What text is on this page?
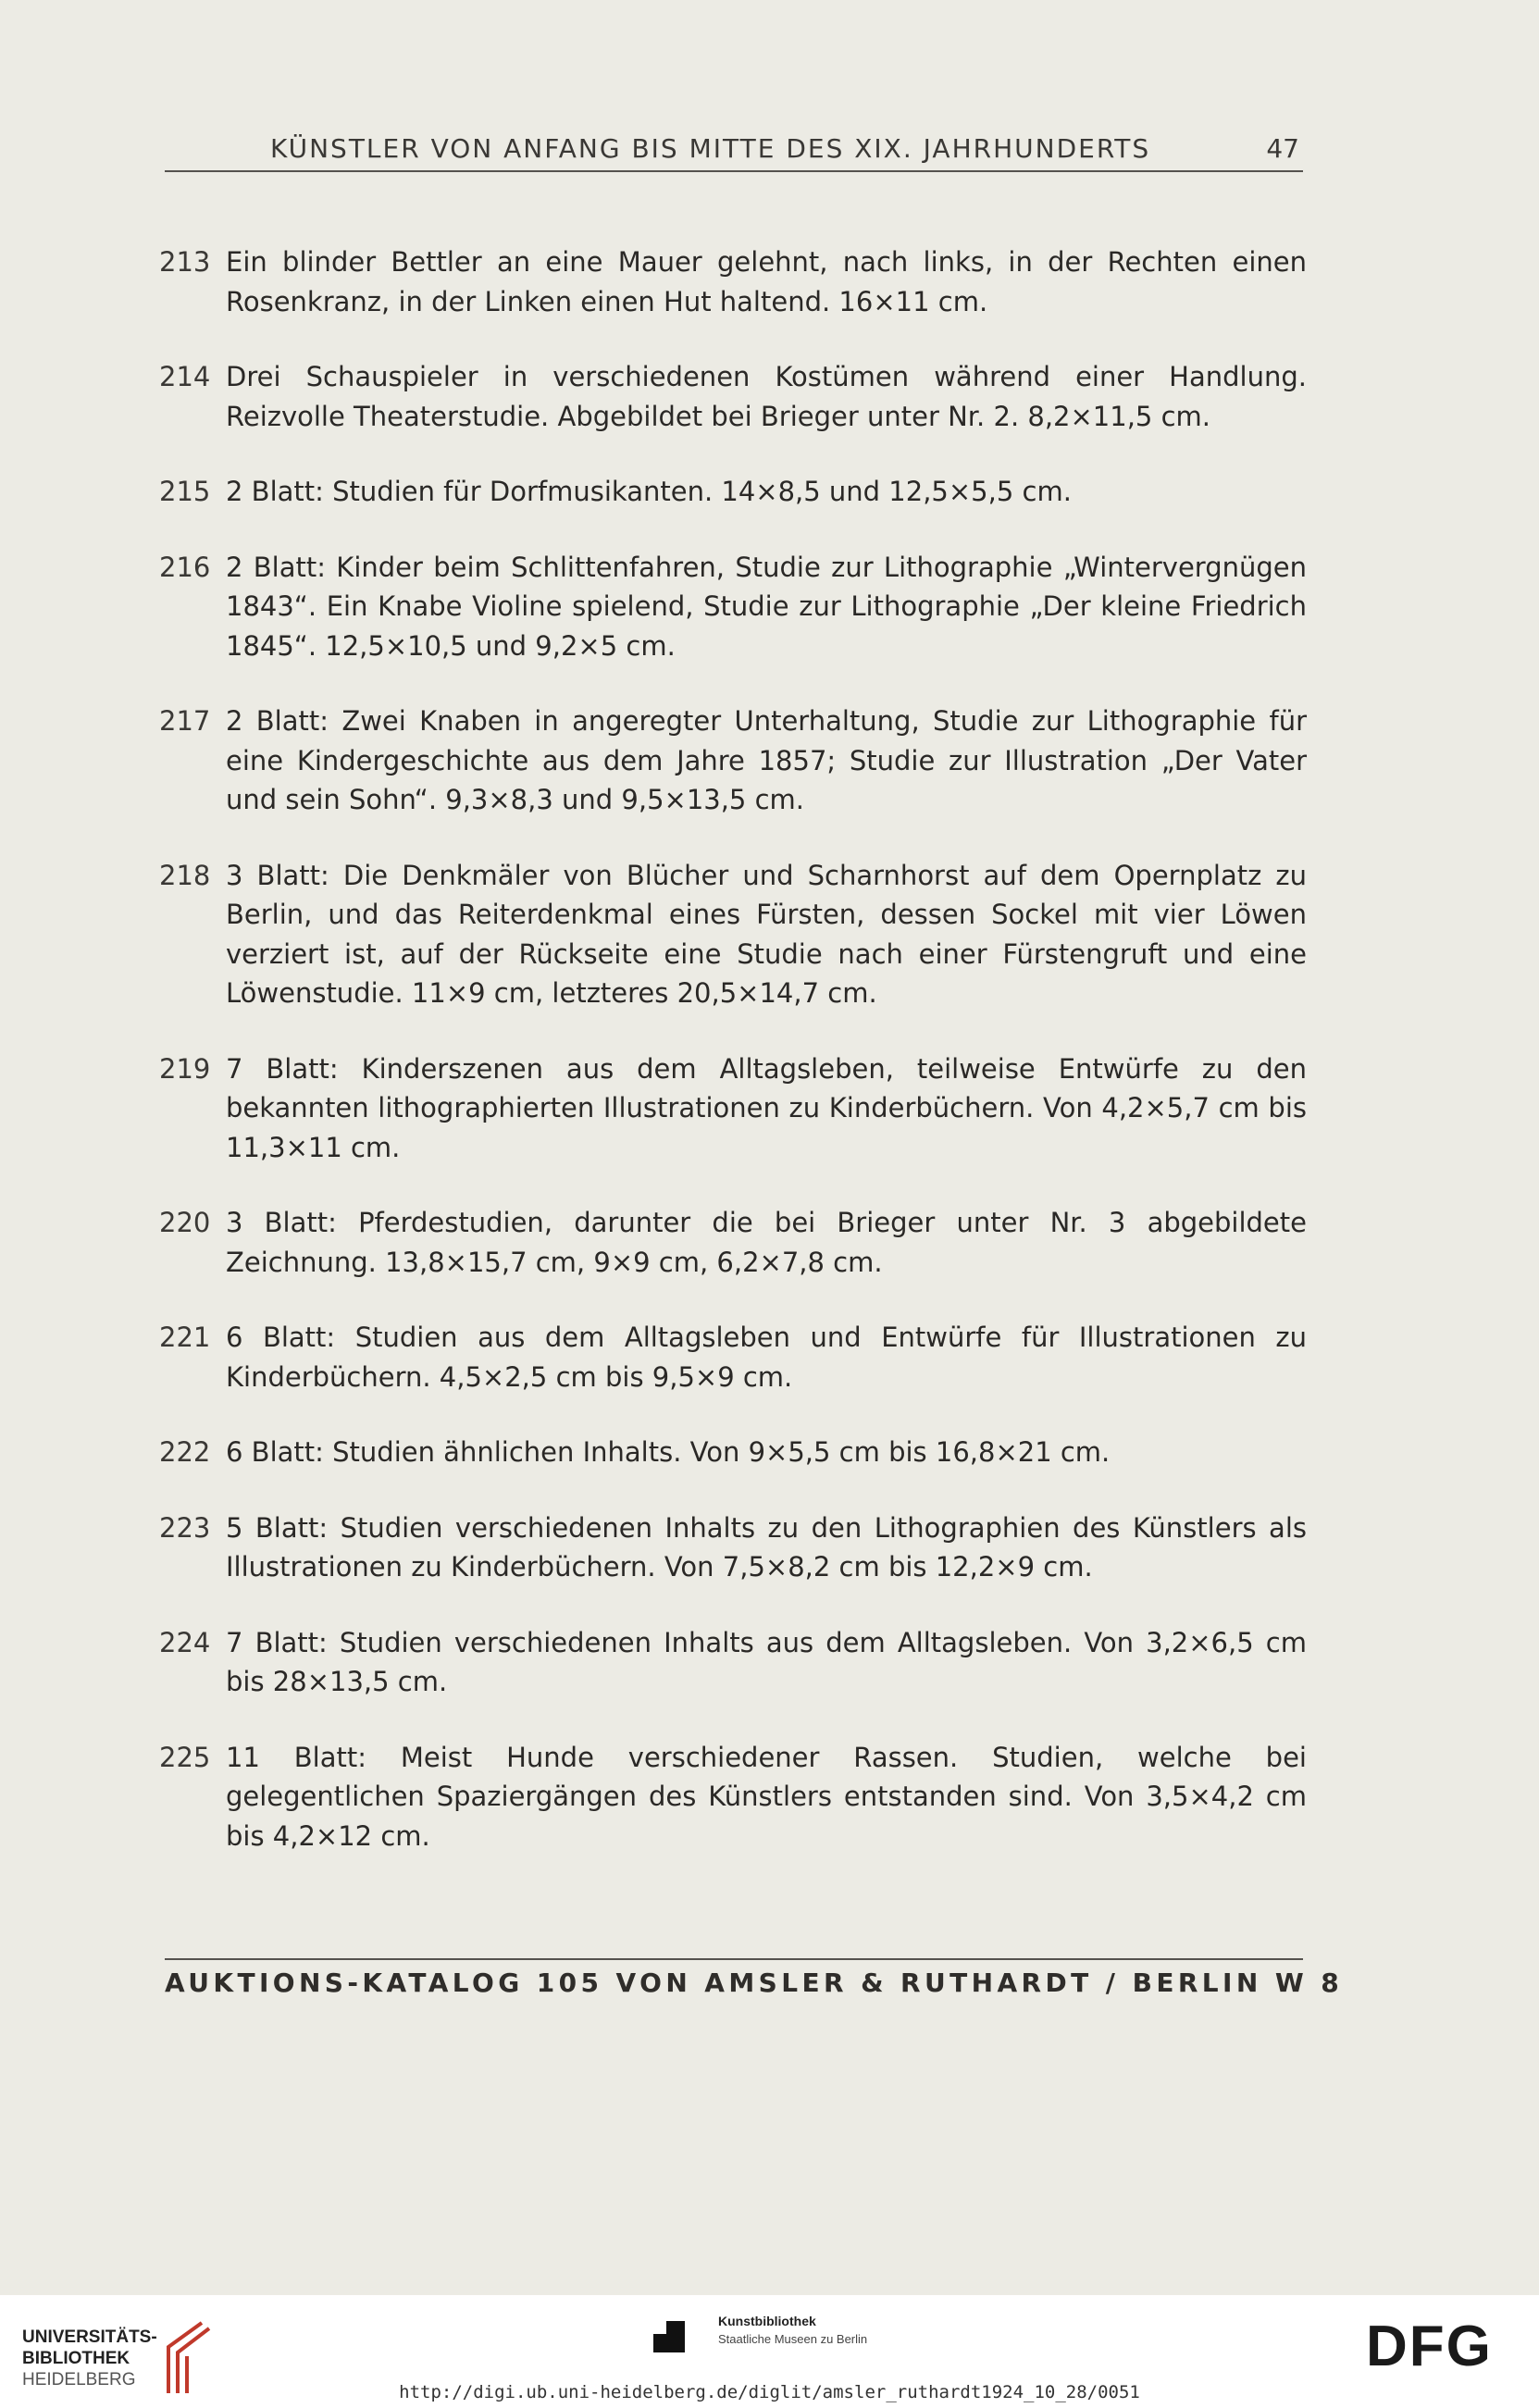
KÜNSTLER VON ANFANG BIS MITTE DES XIX. JAHRHUNDERTS	47
213 Ein blinder Bettler an eine Mauer gelehnt, nach links, in der Rechten einen Rosenkranz, in der Linken einen Hut haltend. 16×11 cm.
214 Drei Schauspieler in verschiedenen Kostümen während einer Handlung. Reizvolle Theaterstudie. Abgebildet bei Brieger unter Nr. 2. 8,2×11,5 cm.
215 2 Blatt: Studien für Dorfmusikanten. 14×8,5 und 12,5×5,5 cm.
216 2 Blatt: Kinder beim Schlittenfahren, Studie zur Lithographie „Wintervergnügen 1843“. Ein Knabe Violine spielend, Studie zur Lithographie „Der kleine Friedrich 1845“. 12,5×10,5 und 9,2×5 cm.
217 2 Blatt: Zwei Knaben in angeregter Unterhaltung, Studie zur Lithographie für eine Kindergeschichte aus dem Jahre 1857; Studie zur Illustration „Der Vater und sein Sohn“. 9,3×8,3 und 9,5×13,5 cm.
218 3 Blatt: Die Denkmäler von Blücher und Scharnhorst auf dem Opernplatz zu Berlin, und das Reiterdenkmal eines Fürsten, dessen Sockel mit vier Löwen verziert ist, auf der Rückseite eine Studie nach einer Fürstengruft und eine Löwenstudie. 11×9 cm, letzteres 20,5×14,7 cm.
219 7 Blatt: Kinderszenen aus dem Alltagsleben, teilweise Entwürfe zu den bekannten lithographierten Illustrationen zu Kinderbüchern. Von 4,2×5,7 cm bis 11,3×11 cm.
220 3 Blatt: Pferdestudien, darunter die bei Brieger unter Nr. 3 abgebildete Zeichnung. 13,8×15,7 cm, 9×9 cm, 6,2×7,8 cm.
221 6 Blatt: Studien aus dem Alltagsleben und Entwürfe für Illustrationen zu Kinderbüchern. 4,5×2,5 cm bis 9,5×9 cm.
222 6 Blatt: Studien ähnlichen Inhalts. Von 9×5,5 cm bis 16,8×21 cm.
223 5 Blatt: Studien verschiedenen Inhalts zu den Lithographien des Künstlers als Illustrationen zu Kinderbüchern. Von 7,5×8,2 cm bis 12,2×9 cm.
224 7 Blatt: Studien verschiedenen Inhalts aus dem Alltagsleben. Von 3,2×6,5 cm bis 28×13,5 cm.
225 11 Blatt: Meist Hunde verschiedener Rassen. Studien, welche bei gelegentlichen Spaziergängen des Künstlers entstanden sind. Von 3,5×4,2 cm bis 4,2×12 cm.
AUKTIONS-KATALOG 105 VON AMSLER & RUTHARDT / BERLIN W 8
UNIVERSITÄTS-
BIBLIOTHEK
HEIDELBERG
Kunstbibliothek
Staatliche Museen zu Berlin	DFG
http://digi.ub.uni-heidelberg.de/diglit/amsler_ruthardt1924_10_28/0051
